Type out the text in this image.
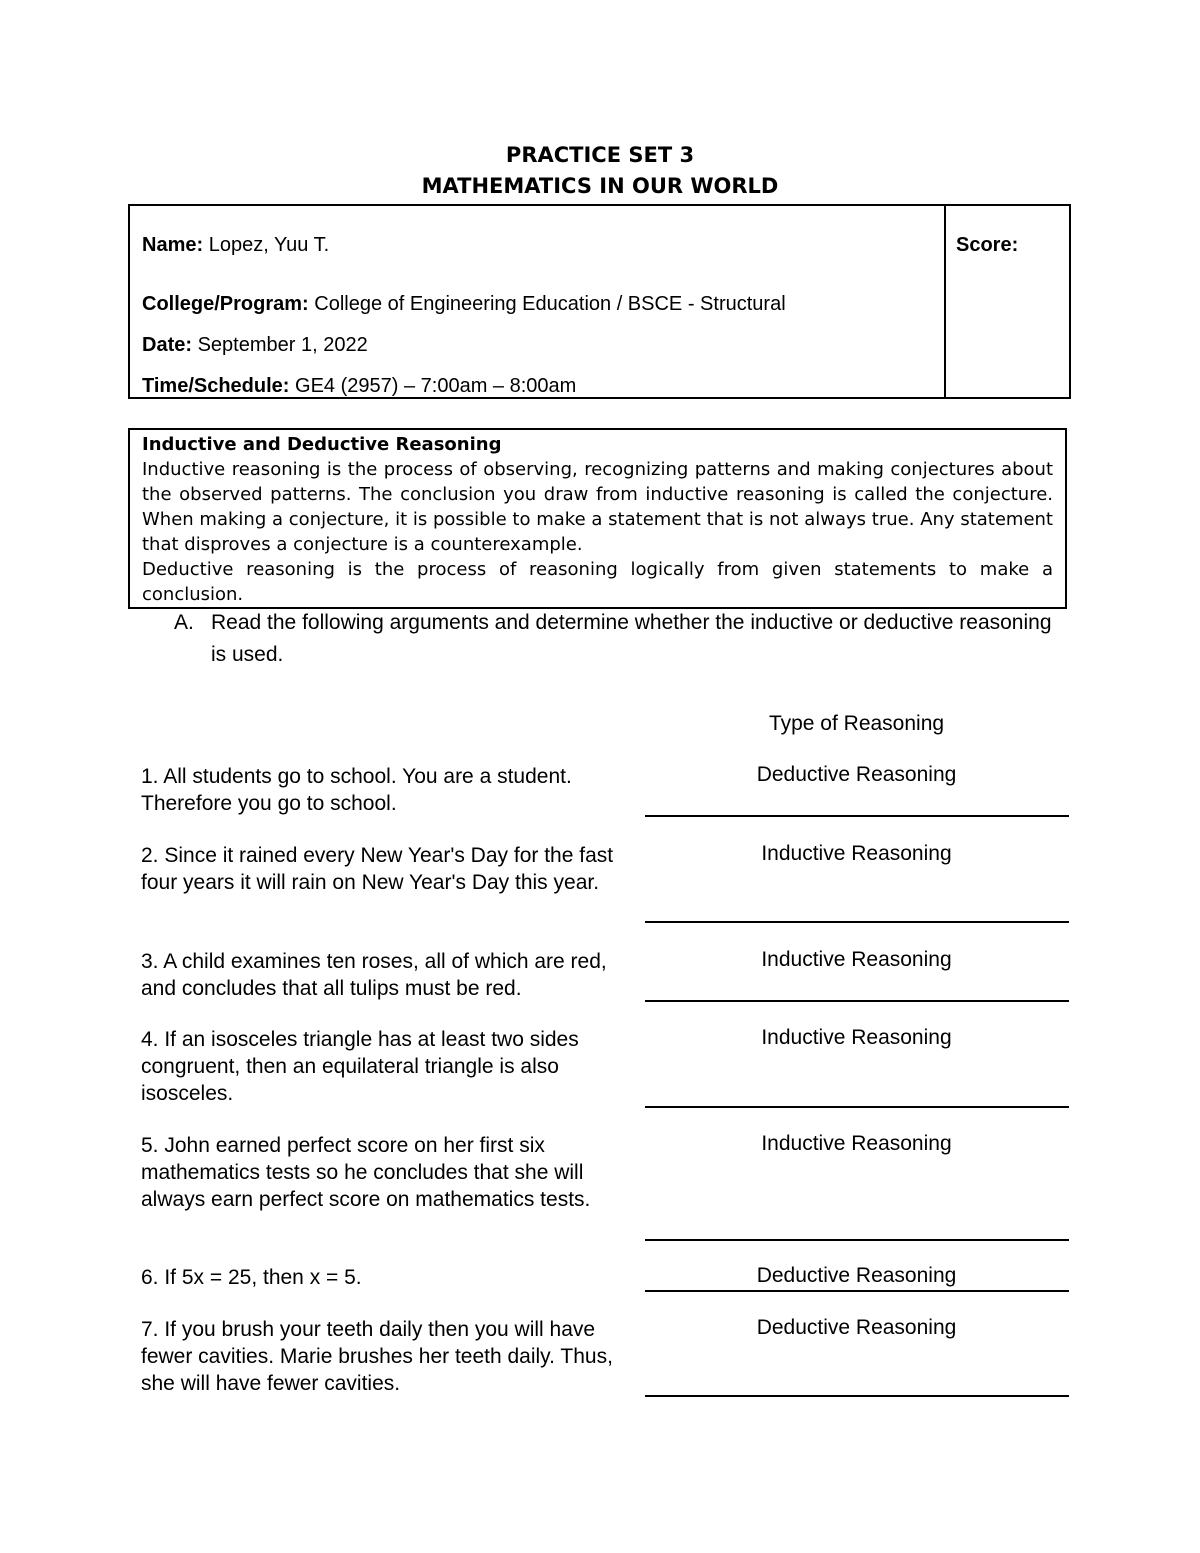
PRACTICE SET 3
MATHEMATICS IN OUR WORLD
Name: Lopez, Yuu T.
College/Program: College of Engineering Education / BSCE - Structural
Date: September 1, 2022
Time/Schedule: GE4 (2957) – 7:00am – 8:00am
Score:

Inductive and Deductive Reasoning

Inductive reasoning is the process of observing, recognizing patterns and making conjectures about the observed patterns. The conclusion you draw from inductive reasoning is called the conjecture. When making a conjecture, it is possible to make a statement that is not always true. Any statement that disproves a conjecture is a counterexample.

Deductive reasoning is the process of reasoning logically from given statements to make a conclusion.

A. Read the following arguments and determine whether the inductive or deductive reasoning is used.
Type of Reasoning
1. All students go to school. You are a student. Therefore you go to school.
Deductive Reasoning
2. Since it rained every New Year's Day for the fast four years it will rain on New Year's Day this year.
Inductive Reasoning
3. A child examines ten roses, all of which are red, and concludes that all tulips must be red.
Inductive Reasoning
4. If an isosceles triangle has at least two sides congruent, then an equilateral triangle is also isosceles.
Inductive Reasoning
5. John earned perfect score on her first six mathematics tests so he concludes that she will always earn perfect score on mathematics tests.
Inductive Reasoning
6. If 5x = 25, then x = 5.	Deductive Reasoning
7. If you brush your teeth daily then you will have fewer cavities. Marie brushes her teeth daily. Thus, she will have fewer cavities.
Deductive Reasoning
